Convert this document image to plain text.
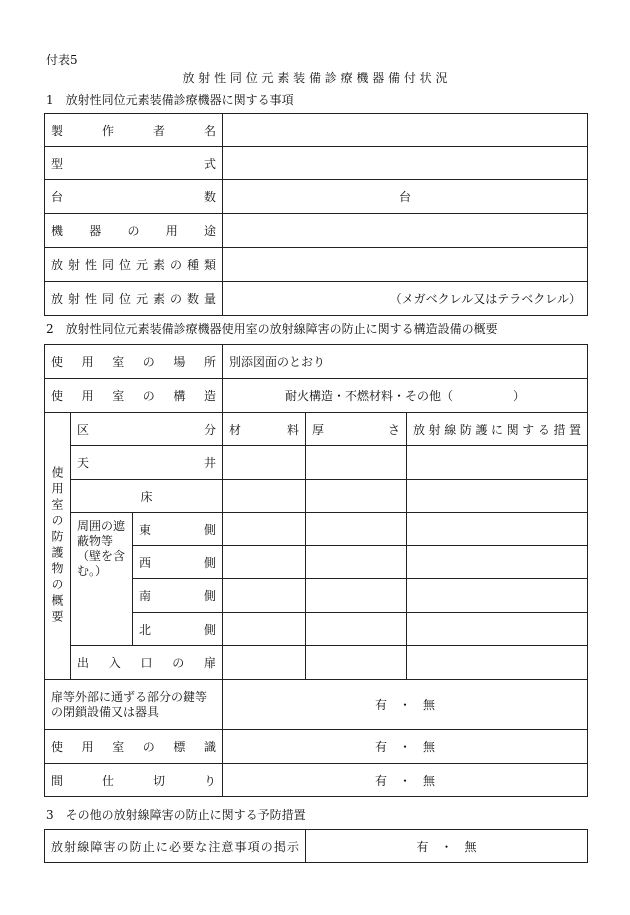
付表5
放 射 性 同 位 元 素 装 備 診 療 機 器 備 付 状 況
1　放射性同位元素装備診療機器に関する事項
製作者名	
型式	
台数	台
機器の用途	
放射性同位元素の種類	
放射性同位元素の数量	（メガベクレル又はテラベクレル）
2　放射性同位元素装備診療機器使用室の放射線障害の防止に関する構造設備の概要
使用室の場所			別添図面のとおり		
使用室の構造			耐火構造・不燃材料・その他（　　　　　）		

使用室の防護物の概要	区分		材料	厚さ	放射線防護に関する措置
	天井				
	床				
	周囲の遮蔽物等（壁を含む。）	東側			
		西側			
		南側			
		北側			
	出入口の扉				
扉等外部に通ずる部分の鍵等の閉鎖設備又は器具			有　・　無		
使用室の標識			有　・　無		
間仕切り			有　・　無		
3　その他の放射線障害の防止に関する予防措置
放射線障害の防止に必要な注意事項の掲示	有　・　無
